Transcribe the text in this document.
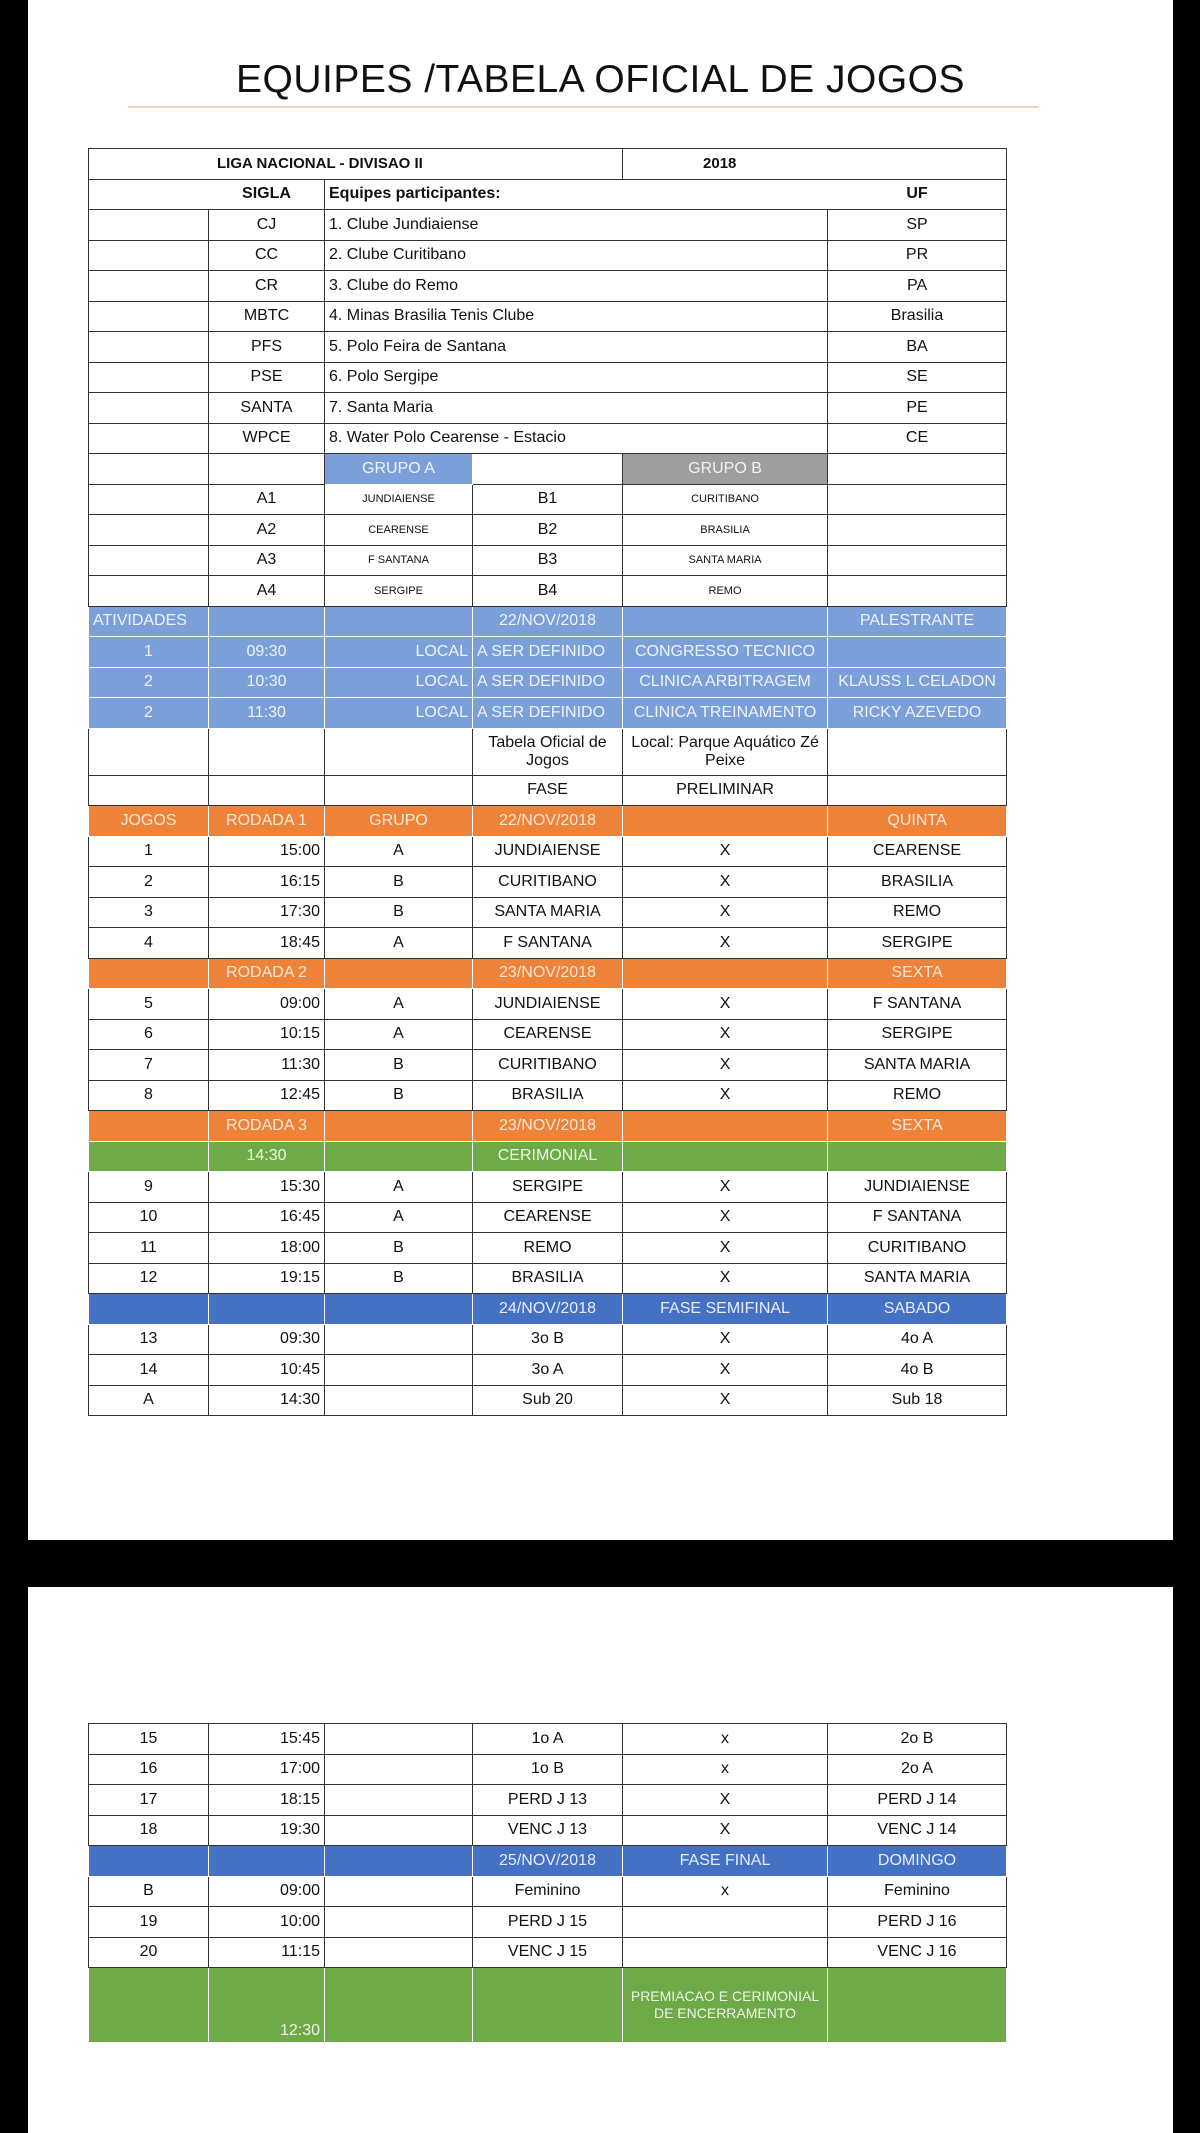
EQUIPES /TABELA OFICIAL DE JOGOS
LIGA NACIONAL - DIVISAO II				2018	
	SIGLA	Equipes participantes:			UF
	CJ	1. Clube Jundiaiense			SP
	CC	2. Clube Curitibano			PR
	CR	3. Clube do Remo			PA
	MBTC	4. Minas Brasilia Tenis Clube			Brasilia
	PFS	5. Polo Feira de Santana			BA
	PSE	6. Polo Sergipe			SE
	SANTA	7. Santa Maria			PE
	WPCE	8. Water Polo Cearense - Estacio			CE
		GRUPO A		GRUPO B	
	A1	JUNDIAIENSE	B1	CURITIBANO	
	A2	CEARENSE	B2	BRASILIA	
	A3	F SANTANA	B3	SANTA MARIA	
	A4	SERGIPE	B4	REMO	
ATIVIDADES			22/NOV/2018		PALESTRANTE
1	09:30	LOCAL	A SER DEFINIDO	CONGRESSO TECNICO	
2	10:30	LOCAL	A SER DEFINIDO	CLINICA ARBITRAGEM	KLAUSS L CELADON
2	11:30	LOCAL	A SER DEFINIDO	CLINICA TREINAMENTO	RICKY AZEVEDO
			Tabela Oficial de Jogos	Local: Parque Aquático Zé Peixe	
			FASE	PRELIMINAR	
JOGOS	RODADA 1	GRUPO	22/NOV/2018		QUINTA
1	15:00	A	JUNDIAIENSE	X	CEARENSE
2	16:15	B	CURITIBANO	X	BRASILIA
3	17:30	B	SANTA MARIA	X	REMO
4	18:45	A	F SANTANA	X	SERGIPE
	RODADA 2		23/NOV/2018		SEXTA
5	09:00	A	JUNDIAIENSE	X	F SANTANA
6	10:15	A	CEARENSE	X	SERGIPE
7	11:30	B	CURITIBANO	X	SANTA MARIA
8	12:45	B	BRASILIA	X	REMO
	RODADA 3		23/NOV/2018		SEXTA
	14:30		CERIMONIAL		
9	15:30	A	SERGIPE	X	JUNDIAIENSE
10	16:45	A	CEARENSE	X	F SANTANA
11	18:00	B	REMO	X	CURITIBANO
12	19:15	B	BRASILIA	X	SANTA MARIA
			24/NOV/2018	FASE SEMIFINAL	SABADO
13	09:30		3o B	X	4o A
14	10:45		3o A	X	4o B
A	14:30		Sub 20	X	Sub 18
15	15:45		1o A	x	2o B
16	17:00		1o B	x	2o A
17	18:15		PERD J 13	X	PERD J 14
18	19:30		VENC J 13	X	VENC J 14
			25/NOV/2018	FASE FINAL	DOMINGO
B	09:00		Feminino	x	Feminino
19	10:00		PERD J 15		PERD J 16
20	11:15		VENC J 15		VENC J 16
	12:30			PREMIACAO E CERIMONIAL DE ENCERRAMENTO	
